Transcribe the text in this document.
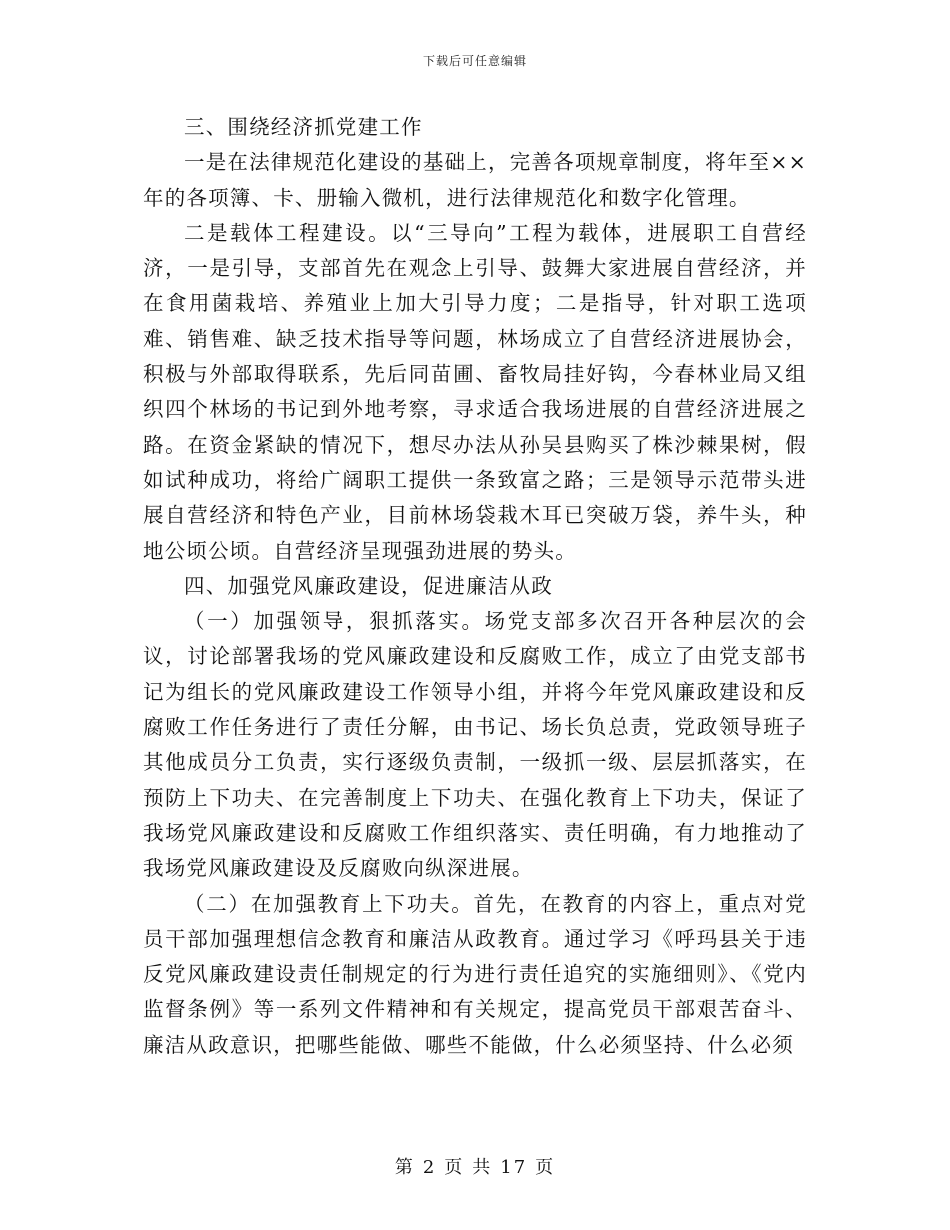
下载后可任意编辑

三、围绕经济抓党建工作

一是在法律规范化建设的基础上，完善各项规章制度，将年至××年的各项簿、卡、册输入微机，进行法律规范化和数字化管理。

二是载体工程建设。以“三导向”工程为载体，进展职工自营经济，一是引导，支部首先在观念上引导、鼓舞大家进展自营经济，并在食用菌栽培、养殖业上加大引导力度；二是指导，针对职工选项难、销售难、缺乏技术指导等问题，林场成立了自营经济进展协会，积极与外部取得联系，先后同苗圃、畜牧局挂好钩，今春林业局又组织四个林场的书记到外地考察，寻求适合我场进展的自营经济进展之路。在资金紧缺的情况下，想尽办法从孙吴县购买了株沙棘果树，假如试种成功，将给广阔职工提供一条致富之路；三是领导示范带头进展自营经济和特色产业，目前林场袋栽木耳已突破万袋，养牛头，种地公顷公顷。自营经济呈现强劲进展的势头。

四、加强党风廉政建设，促进廉洁从政

（一）加强领导，狠抓落实。场党支部多次召开各种层次的会议，讨论部署我场的党风廉政建设和反腐败工作，成立了由党支部书记为组长的党风廉政建设工作领导小组，并将今年党风廉政建设和反腐败工作任务进行了责任分解，由书记、场长负总责，党政领导班子其他成员分工负责，实行逐级负责制，一级抓一级、层层抓落实，在预防上下功夫、在完善制度上下功夫、在强化教育上下功夫，保证了我场党风廉政建设和反腐败工作组织落实、责任明确，有力地推动了我场党风廉政建设及反腐败向纵深进展。

（二）在加强教育上下功夫。首先，在教育的内容上，重点对党员干部加强理想信念教育和廉洁从政教育。通过学习《呼玛县关于违反党风廉政建设责任制规定的行为进行责任追究的实施细则》、《党内监督条例》等一系列文件精神和有关规定，提高党员干部艰苦奋斗、廉洁从政意识，把哪些能做、哪些不能做，什么必须坚持、什么必须

第 2 页 共 17 页
